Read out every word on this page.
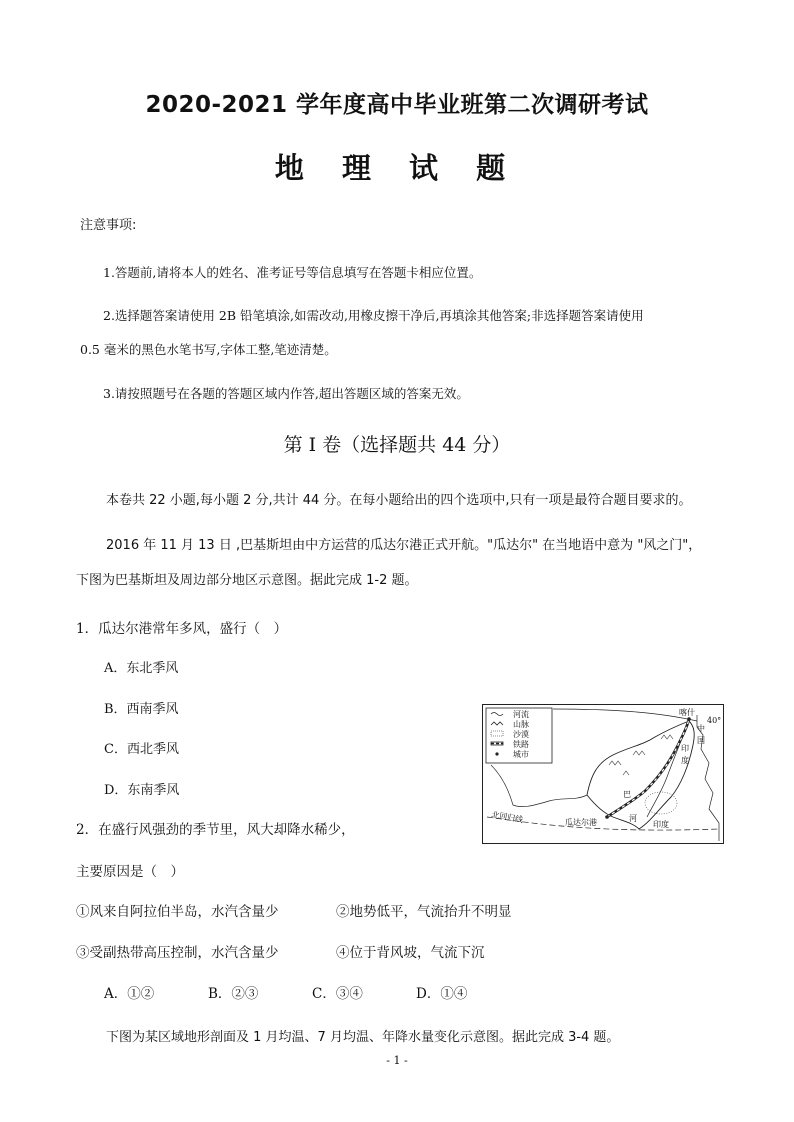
2020-2021 学年度高中毕业班第二次调研考试
地 理 试 题
注意事项:
1.答题前,请将本人的姓名、准考证号等信息填写在答题卡相应位置。
2.选择题答案请使用 2B 铅笔填涂,如需改动,用橡皮擦干净后,再填涂其他答案;非选择题答案请使用
0.5 毫米的黑色水笔书写,字体工整,笔迹清楚。
3.请按照题号在各题的答题区域内作答,超出答题区域的答案无效。
第 I 卷（选择题共 44 分）
本卷共 22 小题,每小题 2 分,共计 44 分。在每小题给出的四个选项中,只有一项是最符合题目要求的。
2016 年 11 月 13 日 ,巴基斯坦由中方运营的瓜达尔港正式开航。"瓜达尔" 在当地语中意为 "风之门"，
下图为巴基斯坦及周边部分地区示意图。据此完成 1-2 题。
1．瓜达尔港常年多风，盛行（　）
A．东北季风
B．西南季风
C．西北季风
D．东南季风
2．在盛行风强劲的季节里，风大却降水稀少，
主要原因是（　）
①风来自阿拉伯半岛，水汽含量少	②地势低平，气流抬升不明显
③受副热带高压控制，水汽含量少	④位于背风坡，气流下沉
A．①②	B．②③	C．③④	D．①④
下图为某区域地形剖面及 1 月均温、7 月均温、年降水量变化示意图。据此完成 3-4 题。
河流
山脉
沙漠
铁路
城市
喀什
中
国
40°
印
度
巴
河
瓜达尔港	印度
北回归线
- 1 -
